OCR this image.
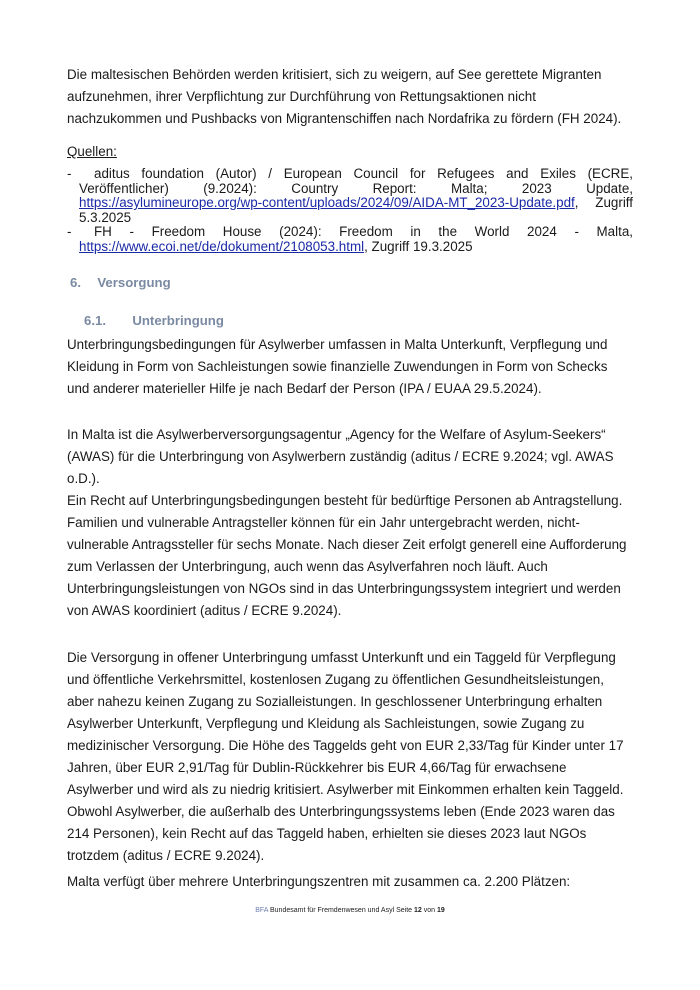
Die maltesischen Behörden werden kritisiert, sich zu weigern, auf See gerettete Migranten aufzunehmen, ihrer Verpflichtung zur Durchführung von Rettungsaktionen nicht nachzukommen und Pushbacks von Migrantenschiffen nach Nordafrika zu fördern (FH 2024).

Quellen:
-	aditus foundation (Autor) / European Council for Refugees and Exiles (ECRE, Veröffentlicher) (9.2024): Country Report: Malta; 2023 Update, https://asylumineurope.org/wp-content/uploads/2024/09/AIDA-MT_2023-Update.pdf, Zugriff 5.3.2025
-	FH - Freedom House (2024): Freedom in the World 2024 - Malta, https://www.ecoi.net/de/dokument/2108053.html, Zugriff 19.3.2025
6. Versorgung
6.1. Unterbringung

Unterbringungsbedingungen für Asylwerber umfassen in Malta Unterkunft, Verpflegung und Kleidung in Form von Sachleistungen sowie finanzielle Zuwendungen in Form von Schecks und anderer materieller Hilfe je nach Bedarf der Person (IPA / EUAA 29.5.2024).

In Malta ist die Asylwerberversorgungsagentur „Agency for the Welfare of Asylum-Seekers“ (AWAS) für die Unterbringung von Asylwerbern zuständig (aditus / ECRE 9.2024; vgl. AWAS o.D.).

Ein Recht auf Unterbringungsbedingungen besteht für bedürftige Personen ab Antragstellung. Familien und vulnerable Antragsteller können für ein Jahr untergebracht werden, nicht-vulnerable Antragssteller für sechs Monate. Nach dieser Zeit erfolgt generell eine Aufforderung zum Verlassen der Unterbringung, auch wenn das Asylverfahren noch läuft. Auch Unterbringungsleistungen von NGOs sind in das Unterbringungssystem integriert und werden von AWAS koordiniert (aditus / ECRE 9.2024).

Die Versorgung in offener Unterbringung umfasst Unterkunft und ein Taggeld für Verpflegung und öffentliche Verkehrsmittel, kostenlosen Zugang zu öffentlichen Gesundheitsleistungen, aber nahezu keinen Zugang zu Sozialleistungen. In geschlossener Unterbringung erhalten Asylwerber Unterkunft, Verpflegung und Kleidung als Sachleistungen, sowie Zugang zu medizinischer Versorgung. Die Höhe des Taggelds geht von EUR 2,33/Tag für Kinder unter 17 Jahren, über EUR 2,91/Tag für Dublin-Rückkehrer bis EUR 4,66/Tag für erwachsene Asylwerber und wird als zu niedrig kritisiert. Asylwerber mit Einkommen erhalten kein Taggeld. Obwohl Asylwerber, die außerhalb des Unterbringungssystems leben (Ende 2023 waren das 214 Personen), kein Recht auf das Taggeld haben, erhielten sie dieses 2023 laut NGOs trotzdem (aditus / ECRE 9.2024).

Malta verfügt über mehrere Unterbringungszentren mit zusammen ca. 2.200 Plätzen:

BFA Bundesamt für Fremdenwesen und Asyl Seite 12 von 19
